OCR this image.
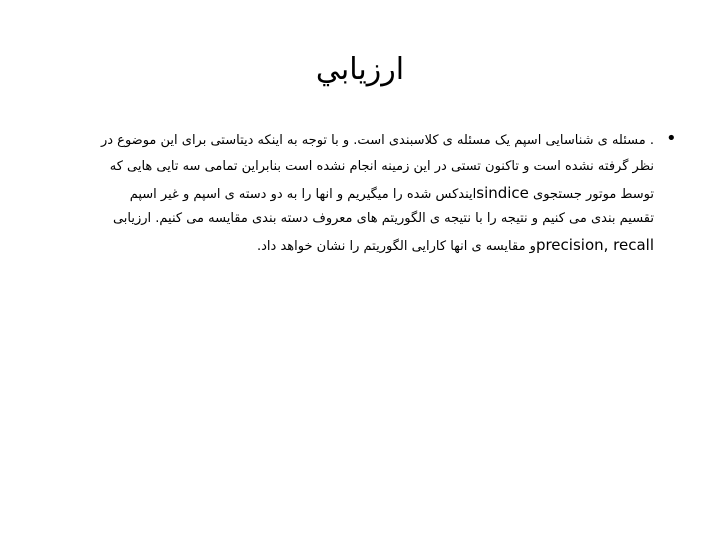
ارزيابي
•
. مسئله ی شناسایی اسپم یک مسئله ی کلاسبندی است. و با توجه به اینکه دیتاستی برای این موضوع در
نظر گرفته نشده است و تاکنون تستی در این زمینه انجام نشده است بنابراین تمامی سه تایی هایی که
توسط موتور جستجوی sindiceایندکس شده را میگیریم و انها را به دو دسته ی اسپم و غیر اسپم
تقسیم بندی می کنیم و نتیجه را با نتیجه ی الگوریتم های معروف دسته بندی مقایسه می کنیم. ارزیابی
precision, recallو مقایسه ی انها کارایی الگوریتم را نشان خواهد داد.
